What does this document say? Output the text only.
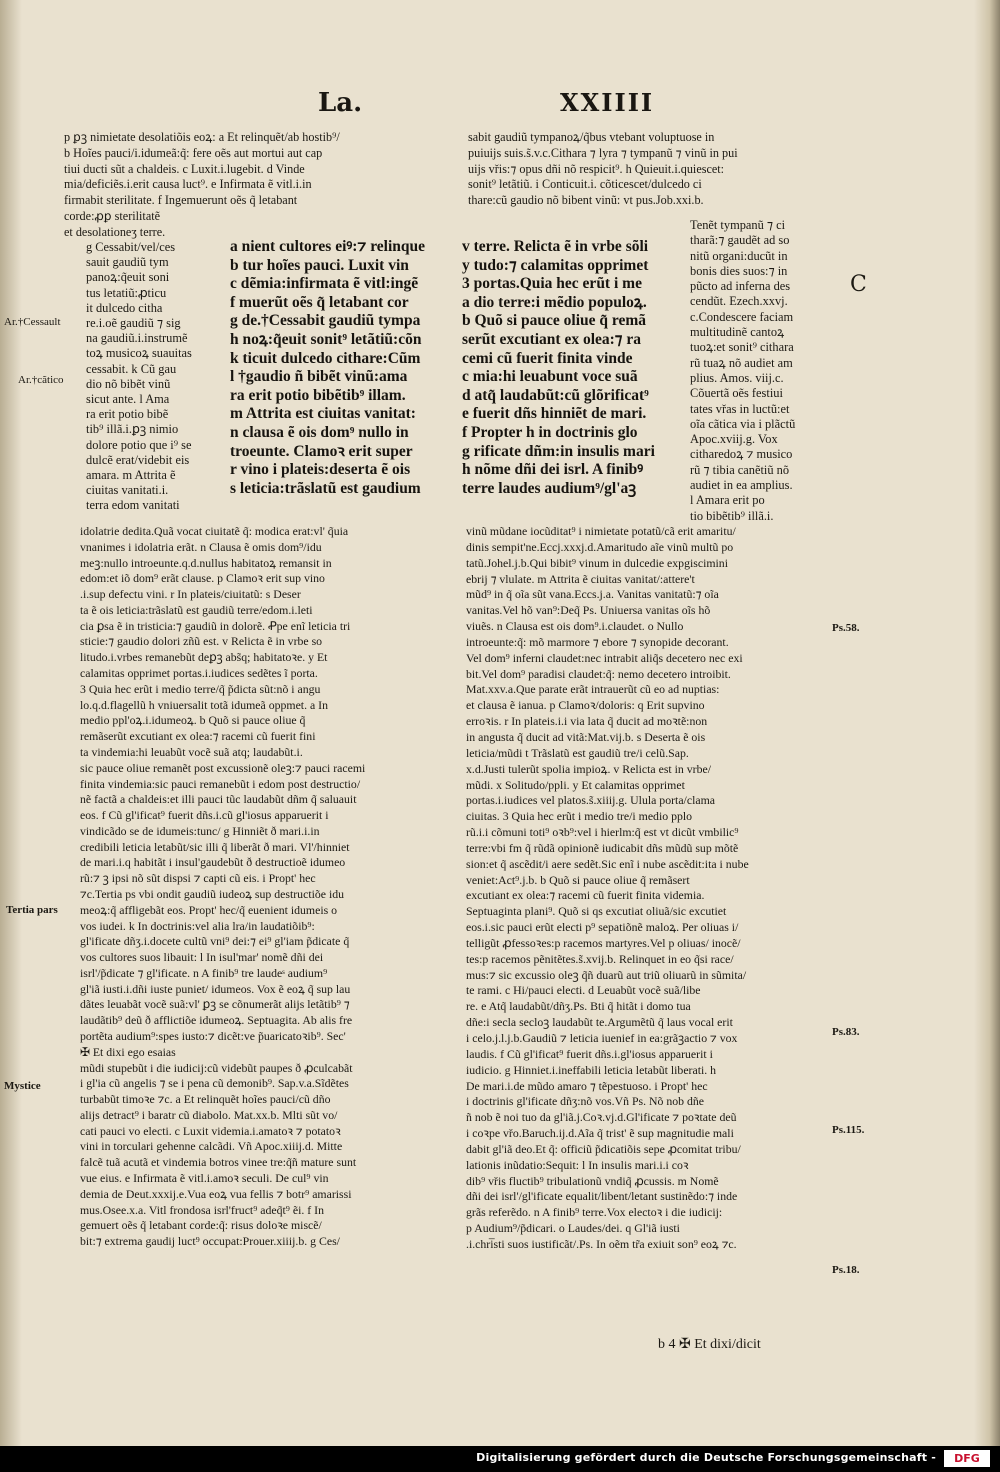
La.	XXIIII
p ꝑꝫ nimietate desolatiõis eoꝝ: a Et relinquẽt/ab hostib⁹/
b Hoĩes pauci/i.idumeã:q̃: fere oẽs aut mortui aut cap
tiui ducti sũt a chaldeis. c Luxit.i.lugebit. d Vinde
mia/deficiẽs.i.erit causa luct⁹. e Infirmata ẽ vitl.i.in
firmabit sterilitate. f Ingemuerunt oẽs q̃ letabant
corde:ꝓꝑ sterilitatẽ
et desolationeʒ terre.
g Cessabit/vel/ces
sauit gaudiũ tym
panoꝝ:q̃euit soni
tus letatiũ:ꝓticu
it dulcedo citha
re.i.oẽ gaudiũ ⁊ sig
na gaudiũ.i.instrumẽ
toꝝ musicoꝝ suauitas
cessabit. k Cũ gau
dio nõ bibẽt vinũ
sicut ante. l Ama
ra erit potio bibẽ
tib⁹ illã.i.ꝑꝫ nimio
dolore potio que i⁹ se
dulcẽ erat/videbit eis
amara. m Attrita ẽ
ciuitas vanitati.i.
terra edom vanitati
a nient cultores eiꝰ:⁊ relinque
b tur hoĩes pauci. Luxit vin
c dẽmia:infirmata ẽ vitl:ingẽ
f muerũt oẽs q̃ letabant cor
g de.†Cessabit gaudiũ tympa
h noꝝ:q̃euit sonit⁹ letãtiũ:cõn
k ticuit dulcedo cithare:Cũm
l †gaudio ñ bibẽt vinũ:ama
ra erit potio bibẽtib⁹ illam.
m Attrita est ciuitas vanitat:
n clausa ẽ ois dom⁹ nullo in
troeunte. Clamoꝛ erit super
r vino i plateis:deserta ẽ ois
s leticia:trãslatũ est gaudium
sabit gaudiũ tympanoꝝ/q̃bus vtebant voluptuose in
puiuijs suis.s̃.v.c.Cithara ⁊ lyra ⁊ tympanũ ⁊ vinũ in pui
uijs vřis:⁊ opus dñi nõ respicit⁹. h Quieuit.i.quiescet:
sonit⁹ letãtiũ. i Conticuit.i. cõticescet/dulcedo ci
thare:cũ gaudio nõ bibent vinũ: vt pus.Job.xxi.b.
v terre. Relicta ẽ in vrbe sõli
y tudo:⁊ calamitas opprimet
3 portas.Quia hec erũt i me
a dio terre:i mẽdio populoꝝ.
b Quõ si pauce oliue q̃ remã
serũt excutiant ex olea:⁊ ra
cemi cũ fuerit finita vinde
c mia:hi leuabunt voce suã
d atq̃ laudabũt:cũ glõrificat⁹
e fuerit dñs hinniẽt de mari.
f Propter h in doctrinis glo
g rificate dñm:in insulis mari
h nõme dñi dei isrl. A finibꝰ
terre laudes audium⁹/gl'aꝫ
Tenẽt tympanũ ⁊ ci
tharã:⁊ gaudẽt ad so
nitũ organi:ducũt in
bonis dies suos:⁊ in
pũcto ad inferna des
cendũt. Ezech.xxvj.
c.Condescere faciam
multitudinẽ cantoꝝ
tuoꝝ:et sonit⁹ cithara
rũ tuaꝝ nõ audiet am
plius. Amos. viij.c.
Cõuertã oẽs festiui
tates vřas in luctũ:et
oĩa cãtica via i plãctũ
Apoc.xviij.g. Vox
citharedoꝝ ⁊ musico
rũ ⁊ tibia canẽtiũ nõ
audiet in ea amplius.
l Amara erit po
tio bibẽtib⁹ illã.i.
idolatrie dedita.Quã vocat ciuitatẽ q̃: modica erat:vl' q̃uia
vnanimes i idolatria erãt. n Clausa ẽ omis dom⁹/idu
meꝫ:nullo introeunte.q.d.nullus habitatoꝝ remansit in
edom:et iõ dom⁹ erãt clause. p Clamoꝛ erit sup vino
.i.sup defectu vini. r In plateis/ciuitatũ: s Deser
ta ẽ ois leticia:trãslatũ est gaudiũ terre/edom.i.leti
cia ꝑsa ẽ in tristicia:⁊ gaudiũ in dolorẽ. Ꝓpe enĩ leticia tri
sticie:⁊ gaudio dolori zñũ est. v Relicta ẽ in vrbe so
litudo.i.vrbes remanebũt deꝑꝫ abs̃q; habitatoꝛe. y Et
calamitas opprimet portas.i.iudices sedẽtes ĩ porta.
3 Quia hec erũt i medio terre/q̃ p̃dicta sũt:nõ i angu
lo.q.d.flagellũ h vniuersalit totã idumeã oppmet. a In
medio ppl'oꝝ.i.idumeoꝝ. b Quõ si pauce oliue q̃
remãserũt excutiant ex olea:⁊ racemi cũ fuerit fini
ta vindemia:hi leuabũt vocẽ suã atq; laudabũt.i.
sic pauce oliue remanẽt post excussionẽ oleꝫ:⁊ pauci racemi
finita vindemia:sic pauci remanebũt i edom post destructio/
nẽ factã a chaldeis:et illi pauci tũc laudabũt dñm q̃ saluauit
eos. f Cũ gl'ificat⁹ fuerit dñs.i.cũ gl'iosus apparuerit i
vindicãdo se de idumeis:tunc/ g Hinniẽt ð mari.i.in
credibili leticia letabũt/sic illi q̃ liberãt ð mari. Vl'/hinniet
de mari.i.q habitãt i insul'gaudebũt ð destructioẽ idumeo
rũ:⁊ ꝫ ipsi nõ sũt dispsi ⁊ capti cũ eis. i Propt' hec
⁊c.Tertia ps vbi ondit gaudiũ iudeoꝝ sup destructiõe idu
meoꝝ:q̃ affligebãt eos. Propt' hec/q̃ euenient idumeis o
vos iudei. k In doctrinis:vel alia lra/in laudatiõib⁹:
gl'ificate dñʒ.i.docete cultũ vni⁹ dei:⁊ ei⁹ gl'iam p̃dicate q̃
vos cultores suos libauit: l In isul'mar' nomẽ dñi dei
isrl'/p̃dicate ⁊ gl'ificate. n A finib⁹ tre laudeˢ audium⁹
gl'iã iusti.i.dñi iuste puniet/ idumeos. Vox ẽ eoꝝ q̃ sup lau
dãtes leuabãt vocẽ suã:vl' ꝑꝫ se cõnumerãt alijs letãtib⁹ ⁊
laudãtib⁹ deũ ð afflictiõe idumeoꝝ. Septuagita. Ab alis fre
portẽta audium⁹:spes iusto:⁊ dicẽt:ve p̃uaricatoꝛib⁹. Sec'
✠ Et dixi ego esaias
mũdi stupebũt i die iudicij:cũ videbũt paupes ð ꝓculcabãt
i gl'ia cũ angelis ⁊ se i pena cũ demonib⁹. Sap.v.a.Sĩdẽtes
turbabũt timoꝛe ⁊c. a Et relinquẽt hoĩes pauci/cũ dño
alijs detract⁹ i baratr cũ diabolo. Mat.xx.b. Mlti sũt vo/
cati pauci vo electi. c Luxit videmia.i.amatoꝛ ⁊ potatoꝛ
vini in torculari gehenne calcãdi. Vñ Apoc.xiiij.d. Mitte
falcẽ tuã acutã et vindemia botros vinee tre:q̃ñ mature sunt
vue eius. e Infirmata ẽ vitl.i.amoꝛ seculi. De cul⁹ vin
demia de Deut.xxxij.e.Vua eoꝝ vua fellis ⁊ botr⁹ amarissi
mus.Osee.x.a. Vitl frondosa isrl'fruct⁹ adeq̃t⁹ ẽi. f In
gemuert oẽs q̃ letabant corde:q̃: risus doloꝛe miscẽ/
bit:⁊ extrema gaudij luct⁹ occupat:Prouer.xiiij.b. g Ces/
vinũ mũdane iocũditat⁹ i nimietate potatũ/cã erit amaritu/
dinis sempit'ne.Eccj.xxxj.d.Amaritudo aĩe vinũ multũ po
tatũ.Johel.j.b.Qui bibit⁹ vinum in dulcedie expgiscimini
ebrij ⁊ vlulate. m Attrita ẽ ciuitas vanitat/:attere't
mũd⁹ in q̃ oĩa sũt vana.Eccs.j.a. Vanitas vanitatũ:⁊ oĩa
vanitas.Vel hõ van⁹:Deq̃ Ps. Uniuersa vanitas oĩs hõ
viuẽs. n Clausa est ois dom⁹.i.claudet. o Nullo
introeunte:q̃: mõ marmore ⁊ ebore ⁊ synopide decorant.
Vel dom⁹ inferni claudet:nec intrabit aliq̃s decetero nec exi
bit.Vel dom⁹ paradisi claudet:q̃: nemo decetero introibit.
Mat.xxv.a.Que parate erãt intrauerũt cũ eo ad nuptias:
et clausa ẽ ianua. p Clamoꝛ/doloris: q Erit supvino
erroꝛis. r In plateis.i.i via lata q̃ ducit ad moꝛtẽ:non
in angusta q̃ ducit ad vitã:Mat.vij.b. s Deserta ẽ ois
leticia/mũdi t Trãslatũ est gaudiũ tre/i celũ.Sap.
x.d.Justi tulerũt spolia impioꝝ. v Relicta est in vrbe/
mũdi. x Solitudo/ppli. y Et calamitas opprimet
portas.i.iudices vel platos.s̃.xiiij.g. Ulula porta/clama
ciuitas. 3 Quia hec erũt i medio tre/i medio pplo
rũ.i.i cõmuni toti⁹ oꝛb⁹:vel i hierlm:q̃ est vt dicũt vmbilic⁹
terre:vbi fm q̃ rũdã opinionẽ iudicabit dñs mũdũ sup mõtẽ
sion:et q̃ ascẽdit/i aere sedẽt.Sic enĩ i nube ascẽdit:ita i nube
veniet:Act⁹.j.b. b Quõ si pauce oliue q̃ remãsert
excutiant ex olea:⁊ racemi cũ fuerit finita videmia.
Septuaginta plani⁹. Quõ si qs excutiat oliuã/sic excutiet
eos.i.sic pauci erũt electi p⁹ sepatiõnẽ maloꝝ. Per oliuas i/
telligũt ꝓfessoꝛes:p racemos martyres.Vel p oliuas/ inocẽ/
tes:p racemos pẽnitẽtes.s̃.xvij.b. Relinquet in eo q̃si race/
mus:⁊ sic excussio oleꝫ q̃ñ duarũ aut triũ oliuarũ in sũmita/
te rami. c Hi/pauci electi. d Leuabũt vocẽ suã/libe
re. e Atq̃ laudabũt/dñʒ.Ps. Bti q̃ hitãt i domo tua
dñe:i secla secloꝫ laudabũt te.Argumẽtũ q̃ laus vocal erit
i celo.j.l.j.b.Gaudiũ ⁊ leticia iuenief in ea:grãꝫactio ⁊ vox
laudis. f Cũ gl'ificat⁹ fuerit dñs.i.gl'iosus apparuerit i
iudicio. g Hinniet.i.ineffabili leticia letabũt liberati. h
De mari.i.de mũdo amaro ⁊ tẽpestuoso. i Propt' hec
i doctrinis gl'ificate dñʒ:nõ vos.Vñ Ps. Nõ nob dñe
ñ nob ẽ noi tuo da gl'iã.j.Coꝛ.vj.d.Gl'ificate ⁊ poꝛtate deũ
i coꝛpe vřo.Baruch.ij.d.Aĩa q̃ trist' ẽ sup magnitudie mali
dabit gl'iã deo.Et q̃: officiũ p̃dicatiõis sepe ꝓcomitat tribu/
lationis inũdatio:Sequit: l In insulis mari.i.i coꝛ
dib⁹ vřis fluctib⁹ tribulationũ vndiq̃ ꝓcussis. m Nomẽ
dñi dei isrl'/gl'ificate equalit/libent/letant sustinẽdo:⁊ inde
grãs referẽdo. n A finib⁹ terre.Vox electoꝛ i die iudicij:
p Audium⁹/p̃dicari. o Laudes/dei. q Gl'iã iusti
.i.chri̅sti suos iustificãt/.Ps. In oẽm tr̃a exiuit son⁹ eoꝝ ⁊c.
Ar.†Cessault
Ar.†cãtico
Tertia pars
Mystice
Ps.58.
Ps.83.
Ps.115.
Ps.18.
C
b 4 ✠ Et dixi/dicit
Digitalisierung gefördert durch die Deutsche Forschungsgemeinschaft - DFG
